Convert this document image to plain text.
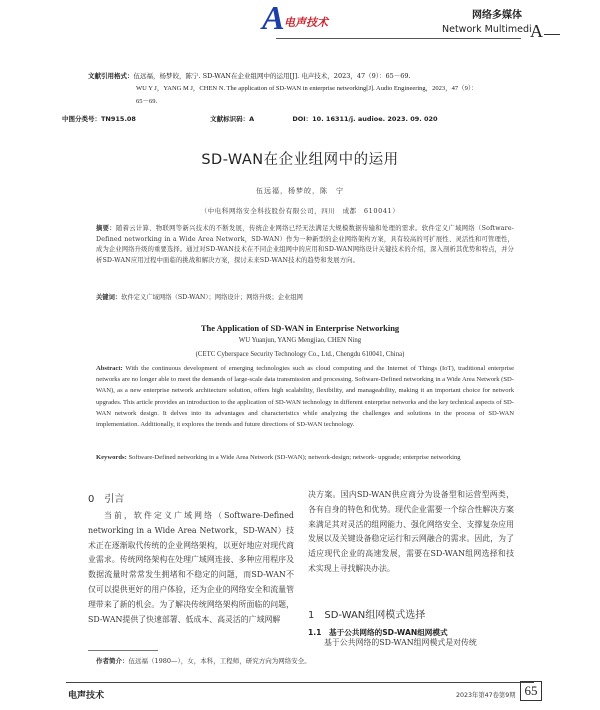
A 电声技术
网络多媒体
Network Multimedi
A
文献引用格式：伍远福，杨梦皎，陈宁. SD-WAN在企业组网中的运用[J]. 电声技术，2023，47（9）：65－69.
WU Y J，YANG M J，CHEN N. The application of SD-WAN in enterprise networking[J]. Audio Engineering，2023，47（9）：
65－69.
中图分类号：TN915.08	文献标识码：A	DOI：10. 16311/j. audioe. 2023. 09. 020
SD-WAN在企业组网中的运用
伍远福，杨梦皎，陈　宁
（中电科网络安全科技股份有限公司，四川　成都　610041）
摘要：随着云计算、物联网等新兴技术的不断发展，传统企业网络已经无法满足大规模数据传输和处理的需求。软件定义广域网络（Software-Defined networking in a Wide Area Network，SD-WAN）作为一种新型的企业网络架构方案，具有较高的可扩展性、灵活性和可管理性，成为企业网络升级的重要选择。通过对SD-WAN技术在不同企业组网中的应用和SD-WAN网络设计关键技术的介绍，深入剖析其优势和特点，并分析SD-WAN应用过程中面临的挑战和解决方案，探讨未来SD-WAN技术的趋势和发展方向。
关键词：软件定义广域网络（SD-WAN）；网络设计；网络升级；企业组网
The Application of SD-WAN in Enterprise Networking
WU Yuanjun, YANG Mengjiao, CHEN Ning
(CETC Cyberspace Security Technology Co., Ltd., Chengdu 610041, China)
Abstract: With the continuous development of emerging technologies such as cloud computing and the Internet of Things (IoT), traditional enterprise networks are no longer able to meet the demands of large-scale data transmission and processing. Software-Defined networking in a Wide Area Network (SD-WAN), as a new enterprise network architecture solution, offers high scalability, flexibility, and manageability, making it an important choice for network upgrades. This article provides an introduction to the application of SD-WAN technology in different enterprise networks and the key technical aspects of SD-WAN network design. It delves into its advantages and characteristics while analyzing the challenges and solutions in the process of SD-WAN implementation. Additionally, it explores the trends and future directions of SD-WAN technology.
Keywords: Software-Defined networking in a Wide Area Network (SD-WAN); network-design; network- upgrade; enterprise networking
0　引言
当前，软件定义广域网络（Software-Defined networking in a Wide Area Network，SD-WAN）技术正在逐渐取代传统的企业网络架构，以更好地应对现代商业需求。传统网络架构在处理广域网连接、多种应用程序及数据流量时常常发生拥堵和不稳定的问题，而SD-WAN不仅可以提供更好的用户体验，还为企业的网络安全和流量管理带来了新的机会。为了解决传统网络架构所面临的问题，SD-WAN提供了快速部署、低成本、高灵活的广域网解
决方案。国内SD-WAN供应商分为设备型和运营型两类，各有自身的特色和优势。现代企业需要一个综合性解决方案来满足其对灵活的组网能力、强化网络安全、支撑复杂应用发展以及关键设备稳定运行和云网融合的需求。因此，为了适应现代企业的高速发展，需要在SD-WAN组网选择和技术实现上寻找解决办法。
1　SD-WAN组网模式选择
1.1　基于公共网络的SD-WAN组网模式
基于公共网络的SD-WAN组网模式是对传统
作者简介：伍远福（1980—），女，本科，工程师，研究方向为网络安全。
电声技术	2023年第47卷第9期 65
